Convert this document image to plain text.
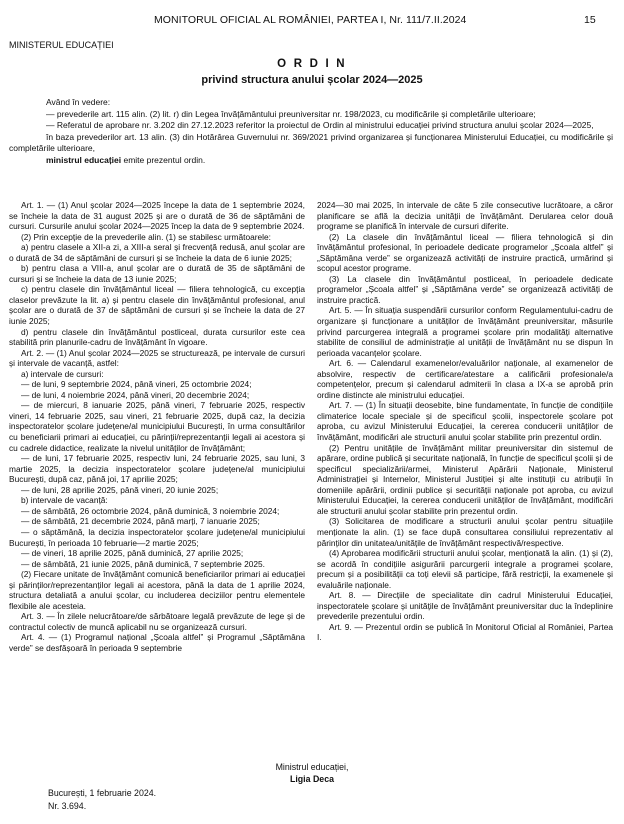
MONITORUL OFICIAL AL ROMÂNIEI, PARTEA I, Nr. 111/7.II.2024	15
MINISTERUL EDUCAȚIEI
O R D I N
privind structura anului școlar 2024—2025

Având în vedere:

— prevederile art. 115 alin. (2) lit. r) din Legea învățământului preuniversitar nr. 198/2023, cu modificările și completările ulterioare;

— Referatul de aprobare nr. 3.202 din 27.12.2023 referitor la proiectul de Ordin al ministrului educației privind structura anului școlar 2024—2025,

în baza prevederilor art. 13 alin. (3) din Hotărârea Guvernului nr. 369/2021 privind organizarea și funcționarea Ministerului Educației, cu modificările și completările ulterioare,

ministrul educației emite prezentul ordin.

Art. 1. — (1) Anul școlar 2024—2025 începe la data de 1 septembrie 2024, se încheie la data de 31 august 2025 și are o durată de 36 de săptămâni de cursuri. Cursurile anului școlar 2024—2025 încep la data de 9 septembrie 2024.

(2) Prin excepție de la prevederile alin. (1) se stabilesc următoarele:

a) pentru clasele a XII-a zi, a XIII-a seral și frecvență redusă, anul școlar are o durată de 34 de săptămâni de cursuri și se încheie la data de 6 iunie 2025;

b) pentru clasa a VIII-a, anul școlar are o durată de 35 de săptămâni de cursuri și se încheie la data de 13 iunie 2025;

c) pentru clasele din învățământul liceal — filiera tehnologică, cu excepția claselor prevăzute la lit. a) și pentru clasele din învățământul profesional, anul școlar are o durată de 37 de săptămâni de cursuri și se încheie la data de 27 iunie 2025;

d) pentru clasele din învățământul postliceal, durata cursurilor este cea stabilită prin planurile-cadru de învățământ în vigoare.

Art. 2. — (1) Anul școlar 2024—2025 se structurează, pe intervale de cursuri și intervale de vacanță, astfel:

a) intervale de cursuri:

— de luni, 9 septembrie 2024, până vineri, 25 octombrie 2024;

— de luni, 4 noiembrie 2024, până vineri, 20 decembrie 2024;

— de miercuri, 8 ianuarie 2025, până vineri, 7 februarie 2025, respectiv vineri, 14 februarie 2025, sau vineri, 21 februarie 2025, după caz, la decizia inspectoratelor școlare județene/al municipiului București, în urma consultărilor cu beneficiarii primari ai educației, cu părinții/reprezentanții legali ai acestora și cu cadrele didactice, realizate la nivelul unităților de învățământ;

— de luni, 17 februarie 2025, respectiv luni, 24 februarie 2025, sau luni, 3 martie 2025, la decizia inspectoratelor școlare județene/al municipiului București, după caz, până joi, 17 aprilie 2025;

— de luni, 28 aprilie 2025, până vineri, 20 iunie 2025;

b) intervale de vacanță:

— de sâmbătă, 26 octombrie 2024, până duminică, 3 noiembrie 2024;

— de sâmbătă, 21 decembrie 2024, până marți, 7 ianuarie 2025;

— o săptămână, la decizia inspectoratelor școlare județene/al municipiului București, în perioada 10 februarie—2 martie 2025;

— de vineri, 18 aprilie 2025, până duminică, 27 aprilie 2025;

— de sâmbătă, 21 iunie 2025, până duminică, 7 septembrie 2025.

(2) Fiecare unitate de învățământ comunică beneficiarilor primari ai educației și părinților/reprezentanților legali ai acestora, până la data de 1 aprilie 2024, structura detaliată a anului școlar, cu includerea deciziilor pentru elementele flexibile ale acesteia.

Art. 3. — În zilele nelucrătoare/de sărbătoare legală prevăzute de lege și de contractul colectiv de muncă aplicabil nu se organizează cursuri.

Art. 4. — (1) Programul național „Școala altfel” și Programul „Săptămâna verde” se desfășoară în perioada 9 septembrie

2024—30 mai 2025, în intervale de câte 5 zile consecutive lucrătoare, a căror planificare se află la decizia unității de învățământ. Derularea celor două programe se planifică în intervale de cursuri diferite.

(2) La clasele din învățământul liceal — filiera tehnologică și din învățământul profesional, în perioadele dedicate programelor „Școala altfel” și „Săptămâna verde” se organizează activități de instruire practică, urmărind și scopul acestor programe.

(3) La clasele din învățământul postliceal, în perioadele dedicate programelor „Școala altfel” și „Săptămâna verde” se organizează activități de instruire practică.

Art. 5. — În situația suspendării cursurilor conform Regulamentului-cadru de organizare și funcționare a unităților de învățământ preuniversitar, măsurile privind parcurgerea integrală a programei școlare prin modalități alternative stabilite de consiliul de administrație al unității de învățământ nu se dispun în perioada vacanțelor școlare.

Art. 6. — Calendarul examenelor/evaluărilor naționale, al examenelor de absolvire, respectiv de certificare/atestare a calificării profesionale/a competențelor, precum și calendarul admiterii în clasa a IX-a se aprobă prin ordine distincte ale ministrului educației.

Art. 7. — (1) În situații deosebite, bine fundamentate, în funcție de condițiile climaterice locale speciale și de specificul școlii, inspectorele școlare pot aproba, cu avizul Ministerului Educației, la cererea conducerii unităților de învățământ, modificări ale structurii anului școlar stabilite prin prezentul ordin.

(2) Pentru unitățile de învățământ militar preuniversitar din sistemul de apărare, ordine publică și securitate națională, în funcție de specificul școlii și de specificul specializării/armei, Ministerul Apărării Naționale, Ministerul Administrației și Internelor, Ministerul Justiției și alte instituții cu atribuții în domeniile apărării, ordinii publice și securității naționale pot aproba, cu avizul Ministerului Educației, la cererea conducerii unităților de învățământ, modificări ale structurii anului școlar stabilite prin prezentul ordin.

(3) Solicitarea de modificare a structurii anului școlar pentru situațiile menționate la alin. (1) se face după consultarea consiliului reprezentativ al părinților din unitatea/unitățile de învățământ respectivă/respective.

(4) Aprobarea modificării structurii anului școlar, menționată la alin. (1) și (2), se acordă în condițiile asigurării parcurgerii integrale a programei școlare, precum și a posibilității ca toți elevii să participe, fără restricții, la examenele și evaluările naționale.

Art. 8. — Direcțiile de specialitate din cadrul Ministerului Educației, inspectoratele școlare și unitățile de învățământ preuniversitar duc la îndeplinire prevederile prezentului ordin.

Art. 9. — Prezentul ordin se publică în Monitorul Oficial al României, Partea I.

Ministrul educației,
Ligia Deca
București, 1 februarie 2024.
Nr. 3.694.
